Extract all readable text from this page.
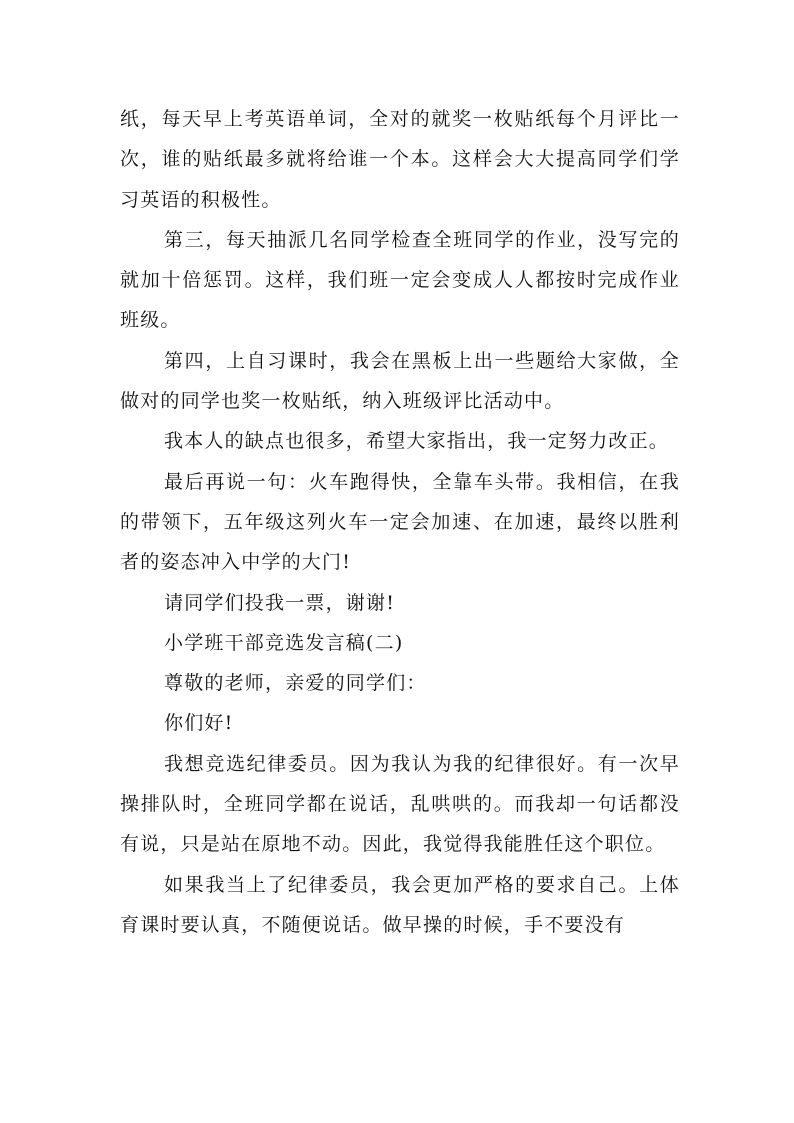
纸，每天早上考英语单词，全对的就奖一枚贴纸每个月评比一次，谁的贴纸最多就将给谁一个本。这样会大大提高同学们学习英语的积极性。

第三，每天抽派几名同学检查全班同学的作业，没写完的就加十倍惩罚。这样，我们班一定会变成人人都按时完成作业班级。

第四，上自习课时，我会在黑板上出一些题给大家做，全做对的同学也奖一枚贴纸，纳入班级评比活动中。

我本人的缺点也很多，希望大家指出，我一定努力改正。

最后再说一句：火车跑得快，全靠车头带。我相信，在我的带领下，五年级这列火车一定会加速、在加速，最终以胜利者的姿态冲入中学的大门!

请同学们投我一票，谢谢!

小学班干部竞选发言稿(二)

尊敬的老师，亲爱的同学们：

你们好!

我想竞选纪律委员。因为我认为我的纪律很好。有一次早操排队时，全班同学都在说话，乱哄哄的。而我却一句话都没有说，只是站在原地不动。因此，我觉得我能胜任这个职位。

如果我当上了纪律委员，我会更加严格的要求自己。上体育课时要认真，不随便说话。做早操的时候，手不要没有
